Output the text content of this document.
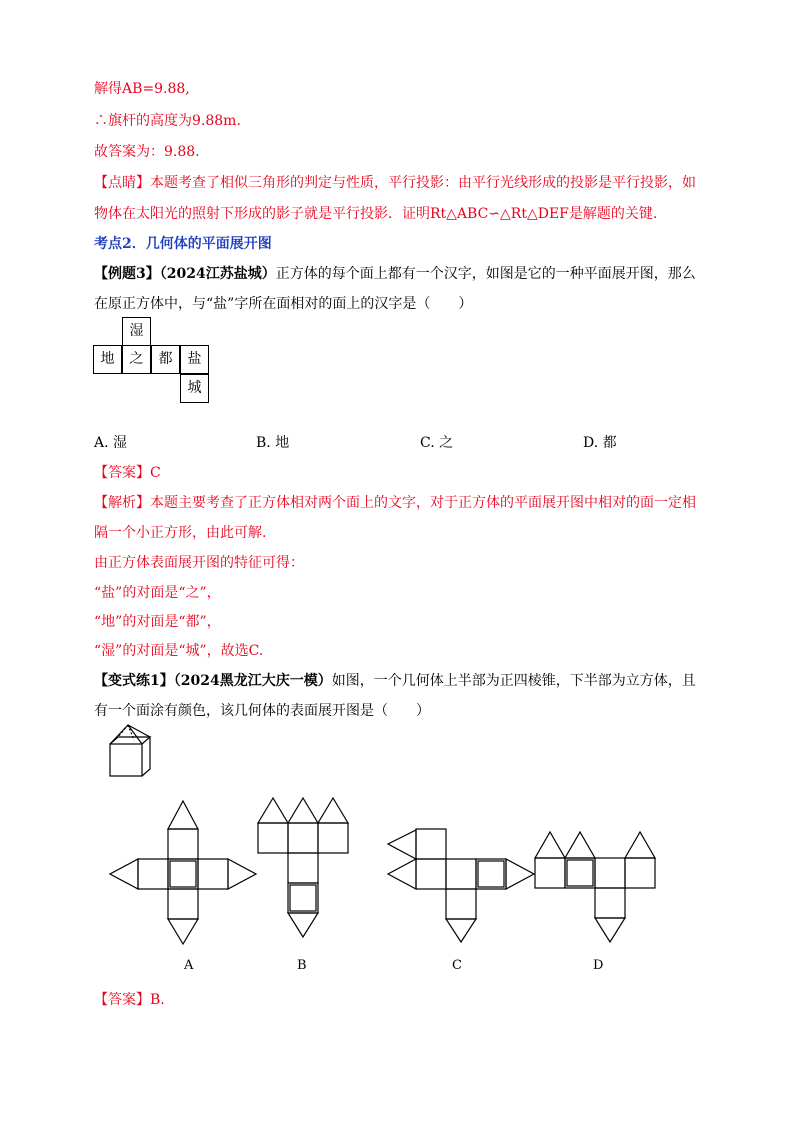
解得AB=9.88,
∴旗杆的高度为9.88m.
故答案为：9.88.
【点睛】本题考查了相似三角形的判定与性质，平行投影：由平行光线形成的投影是平行投影，如
物体在太阳光的照射下形成的影子就是平行投影．证明Rt△ABC∽△Rt△DEF是解题的关键.
考点2．几何体的平面展开图
【例题3】（2024江苏盐城）正方体的每个面上都有一个汉字，如图是它的一种平面展开图，那么
在原正方体中，与“盐”字所在面相对的面上的汉字是（　　）
湿
地	之	都	盐
城
A. 湿	B. 地	C. 之	D. 都
【答案】C
【解析】本题主要考查了正方体相对两个面上的文字，对于正方体的平面展开图中相对的面一定相
隔一个小正方形，由此可解.
由正方体表面展开图的特征可得：
“盐”的对面是“之”，
“地”的对面是“都”，
“湿”的对面是“城”，故选C.
【变式练1】（2024黑龙江大庆一模）如图，一个几何体上半部为正四棱锥，下半部为立方体，且
有一个面涂有颜色，该几何体的表面展开图是（　　）
A	B	C	D
【答案】B.
